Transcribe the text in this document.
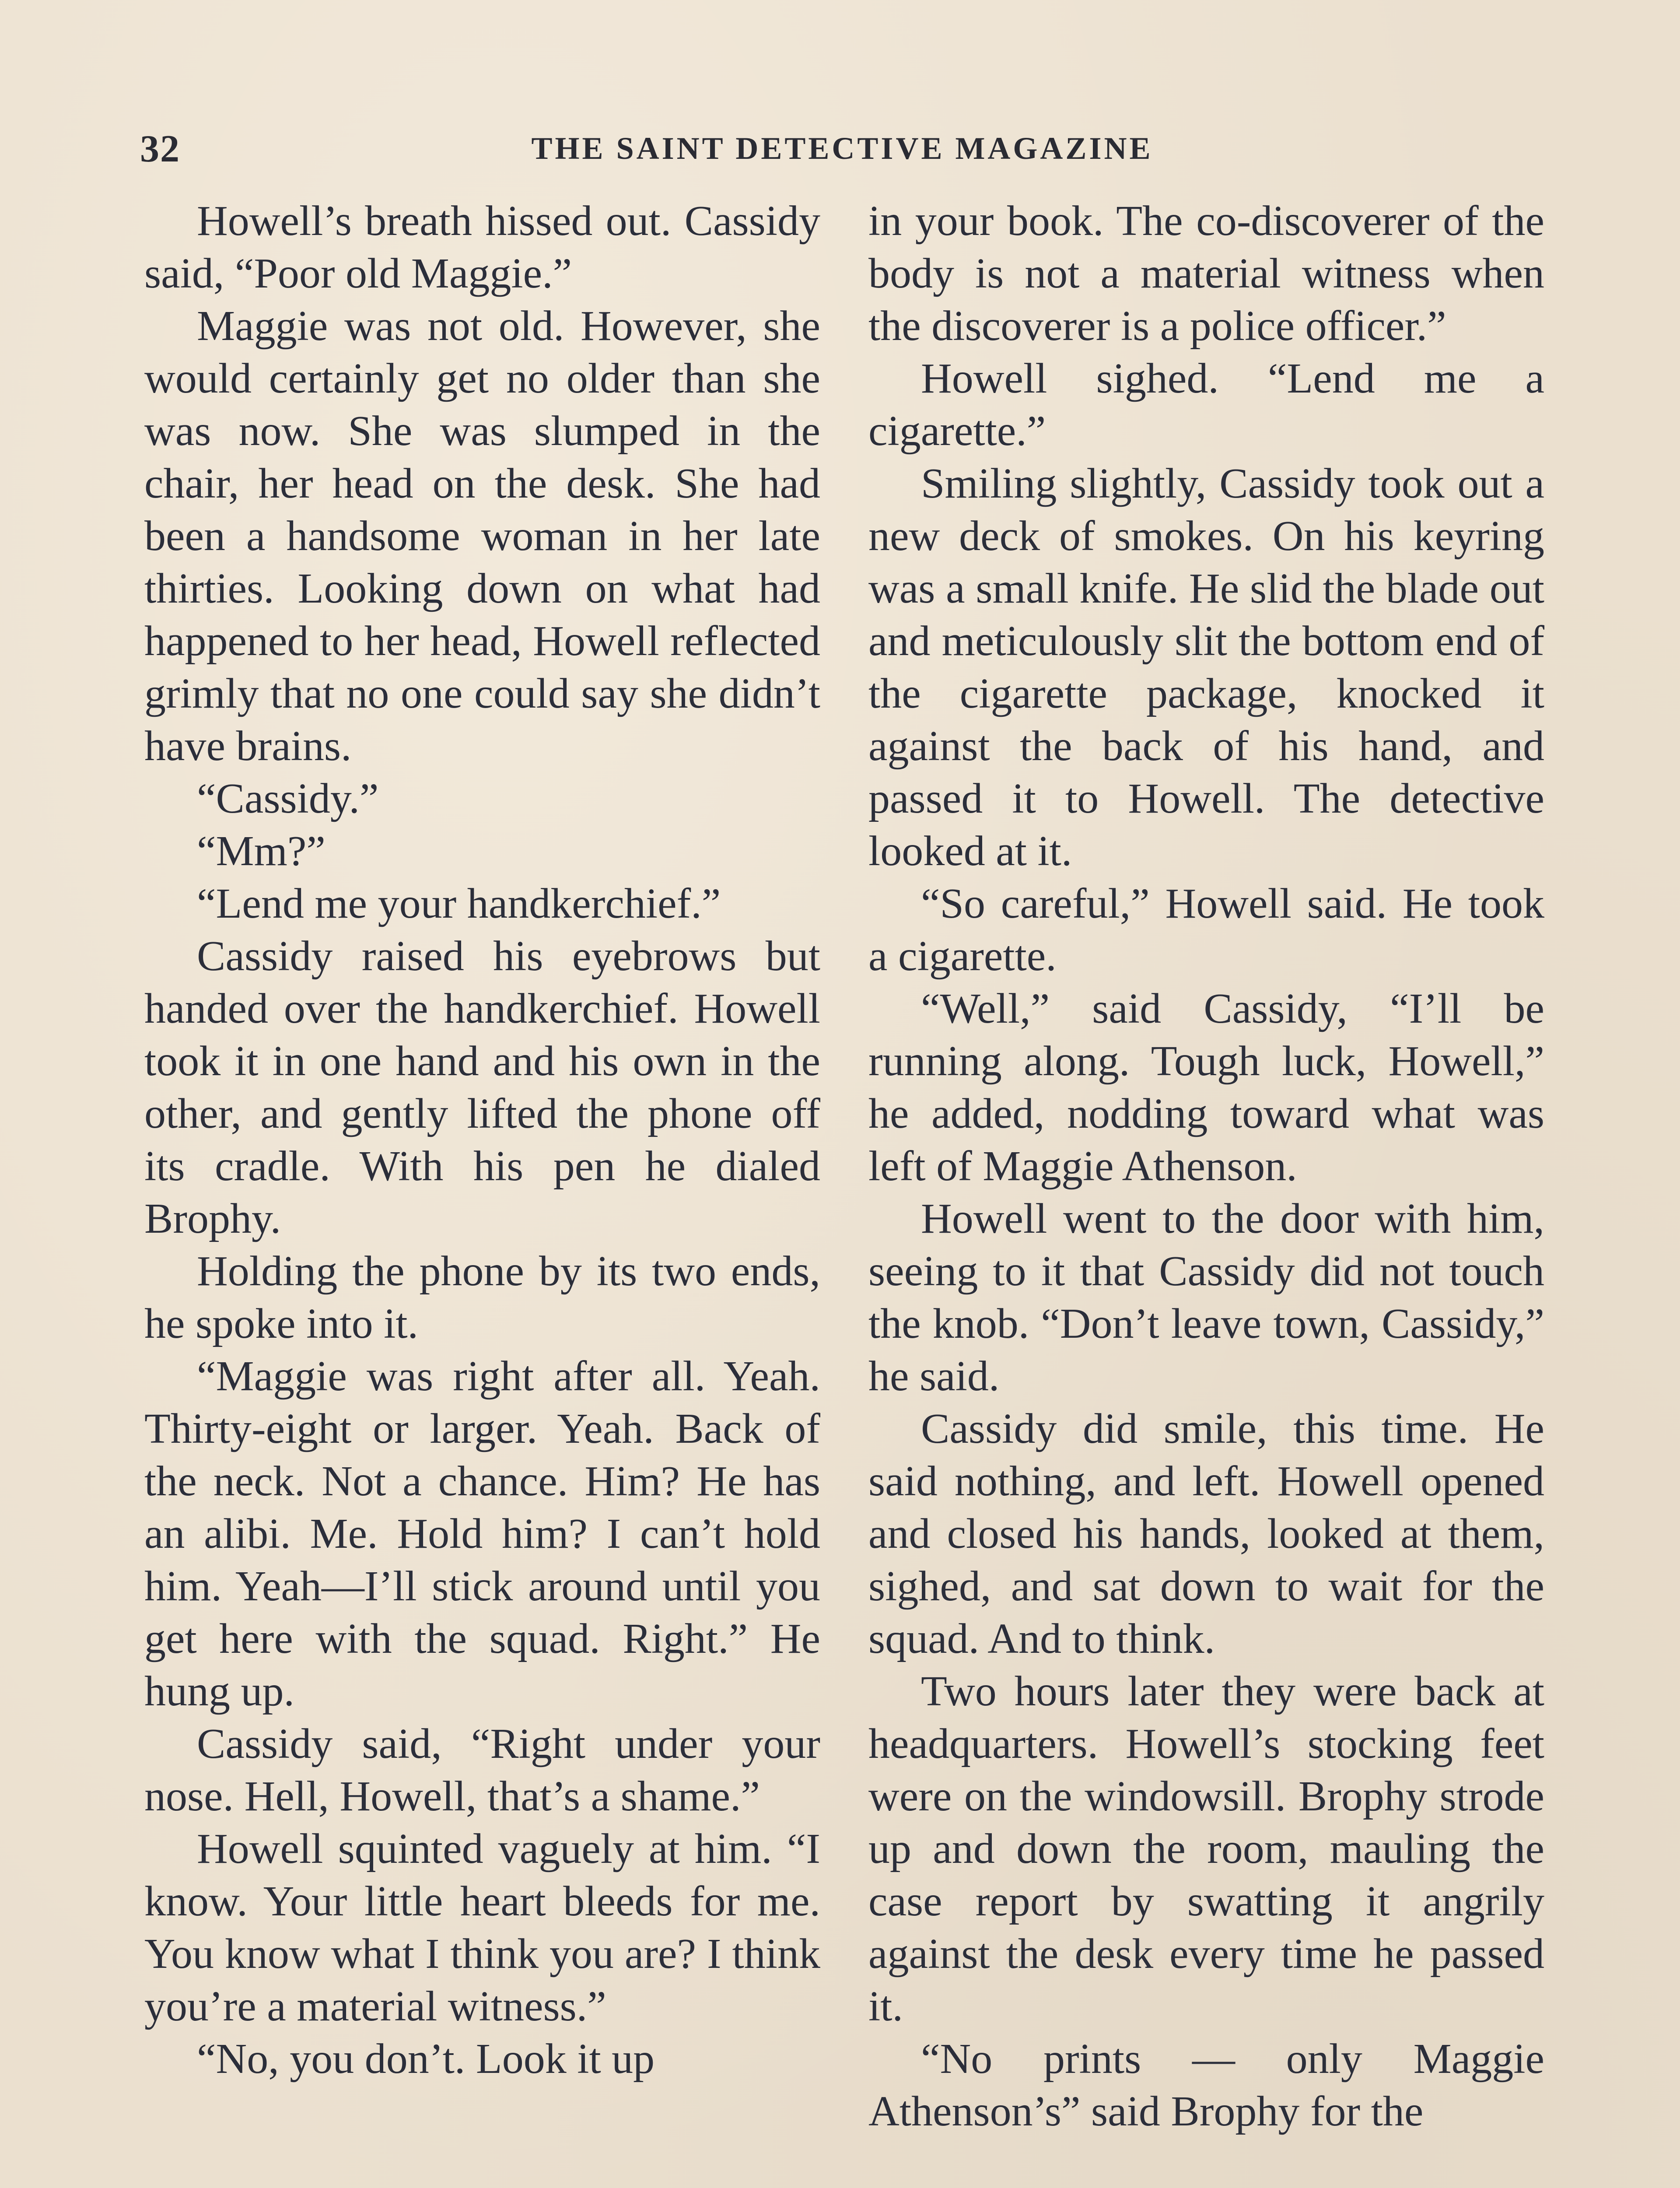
32	THE SAINT DETECTIVE MAGAZINE

Howell’s breath hissed out. Cassidy said, “Poor old Maggie.”

Maggie was not old. However, she would certainly get no older than she was now. She was slumped in the chair, her head on the desk. She had been a handsome woman in her late thirties. Looking down on what had happened to her head, Howell reflected grimly that no one could say she didn’t have brains.

“Cassidy.”

“Mm?”

“Lend me your handkerchief.”

Cassidy raised his eyebrows but handed over the handkerchief. Howell took it in one hand and his own in the other, and gently lifted the phone off its cradle. With his pen he dialed Brophy.

Holding the phone by its two ends, he spoke into it.

“Maggie was right after all. Yeah. Thirty-eight or larger. Yeah. Back of the neck. Not a chance. Him? He has an alibi. Me. Hold him? I can’t hold him. Yeah—I’ll stick around until you get here with the squad. Right.” He hung up.

Cassidy said, “Right under your nose. Hell, Howell, that’s a shame.”

Howell squinted vaguely at him. “I know. Your little heart bleeds for me. You know what I think you are? I think you’re a material witness.”

“No, you don’t. Look it up

in your book. The co-discoverer of the body is not a material witness when the discoverer is a police officer.”

Howell sighed. “Lend me a cigarette.”

Smiling slightly, Cassidy took out a new deck of smokes. On his keyring was a small knife. He slid the blade out and meticulously slit the bottom end of the cigarette package, knocked it against the back of his hand, and passed it to Howell. The detective looked at it.

“So careful,” Howell said. He took a cigarette.

“Well,” said Cassidy, “I’ll be running along. Tough luck, Howell,” he added, nodding toward what was left of Maggie Athenson.

Howell went to the door with him, seeing to it that Cassidy did not touch the knob. “Don’t leave town, Cassidy,” he said.

Cassidy did smile, this time. He said nothing, and left. Howell opened and closed his hands, looked at them, sighed, and sat down to wait for the squad. And to think.

Two hours later they were back at headquarters. Howell’s stocking feet were on the windowsill. Brophy strode up and down the room, mauling the case report by swatting it angrily against the desk every time he passed it.

“No prints — only Maggie Athenson’s” said Brophy for the
